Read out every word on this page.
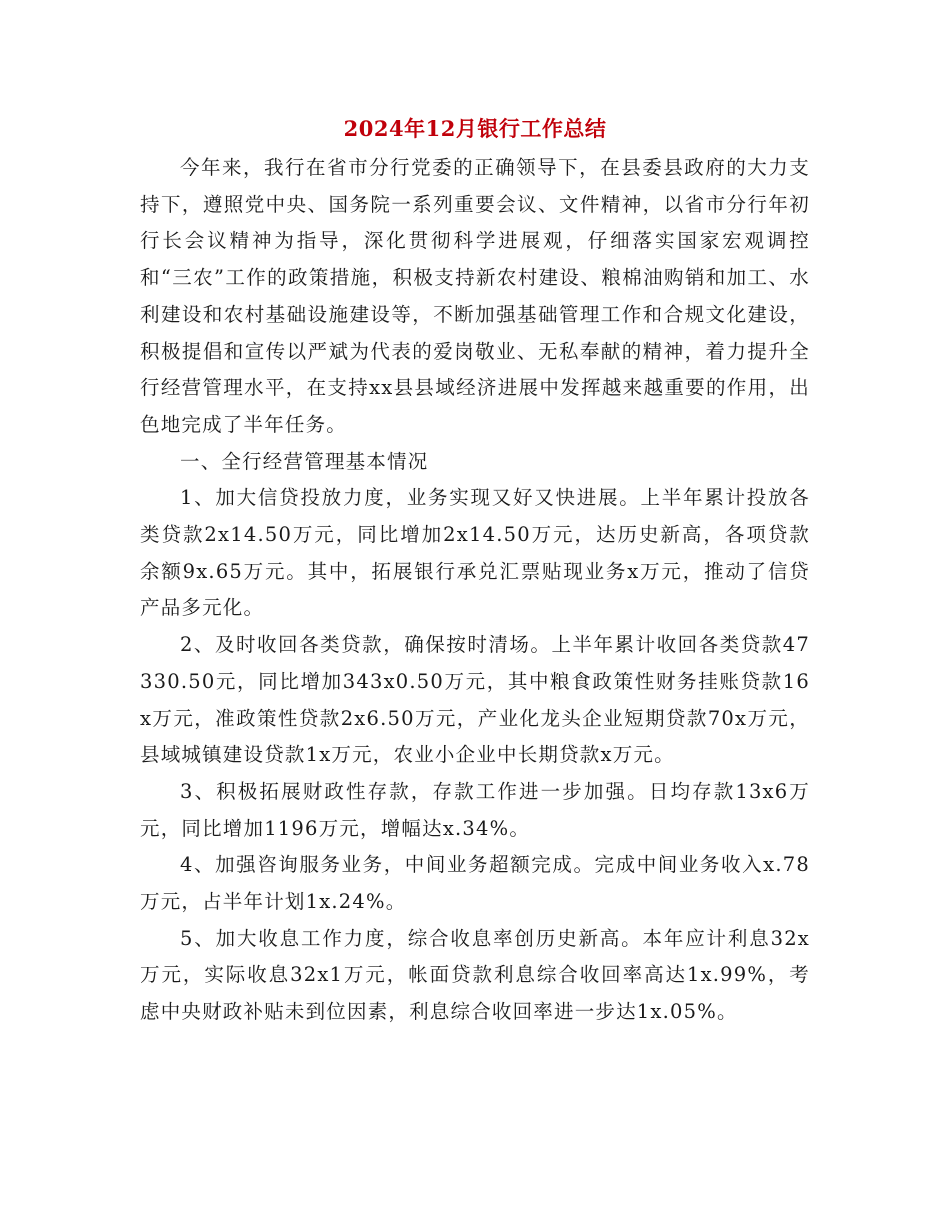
2024年12月银行工作总结

今年来，我行在省市分行党委的正确领导下，在县委县政府的大力支持下，遵照党中央、国务院一系列重要会议、文件精神，以省市分行年初行长会议精神为指导，深化贯彻科学进展观，仔细落实国家宏观调控和“三农”工作的政策措施，积极支持新农村建设、粮棉油购销和加工、水利建设和农村基础设施建设等，不断加强基础管理工作和合规文化建设，积极提倡和宣传以严斌为代表的爱岗敬业、无私奉献的精神，着力提升全行经营管理水平，在支持xx县县域经济进展中发挥越来越重要的作用，出色地完成了半年任务。

一、全行经营管理基本情况

1、加大信贷投放力度，业务实现又好又快进展。上半年累计投放各类贷款2x14.50万元，同比增加2x14.50万元，达历史新高，各项贷款余额9x.65万元。其中，拓展银行承兑汇票贴现业务x万元，推动了信贷产品多元化。

2、及时收回各类贷款，确保按时清场。上半年累计收回各类贷款47330.50元，同比增加343x0.50万元，其中粮食政策性财务挂账贷款16x万元，准政策性贷款2x6.50万元，产业化龙头企业短期贷款70x万元，县域城镇建设贷款1x万元，农业小企业中长期贷款x万元。

3、积极拓展财政性存款，存款工作进一步加强。日均存款13x6万元，同比增加1196万元，增幅达x.34%。

4、加强咨询服务业务，中间业务超额完成。完成中间业务收入x.78万元，占半年计划1x.24%。

5、加大收息工作力度，综合收息率创历史新高。本年应计利息32x万元，实际收息32x1万元，帐面贷款利息综合收回率高达1x.99%，考虑中央财政补贴未到位因素，利息综合收回率进一步达1x.05%。
